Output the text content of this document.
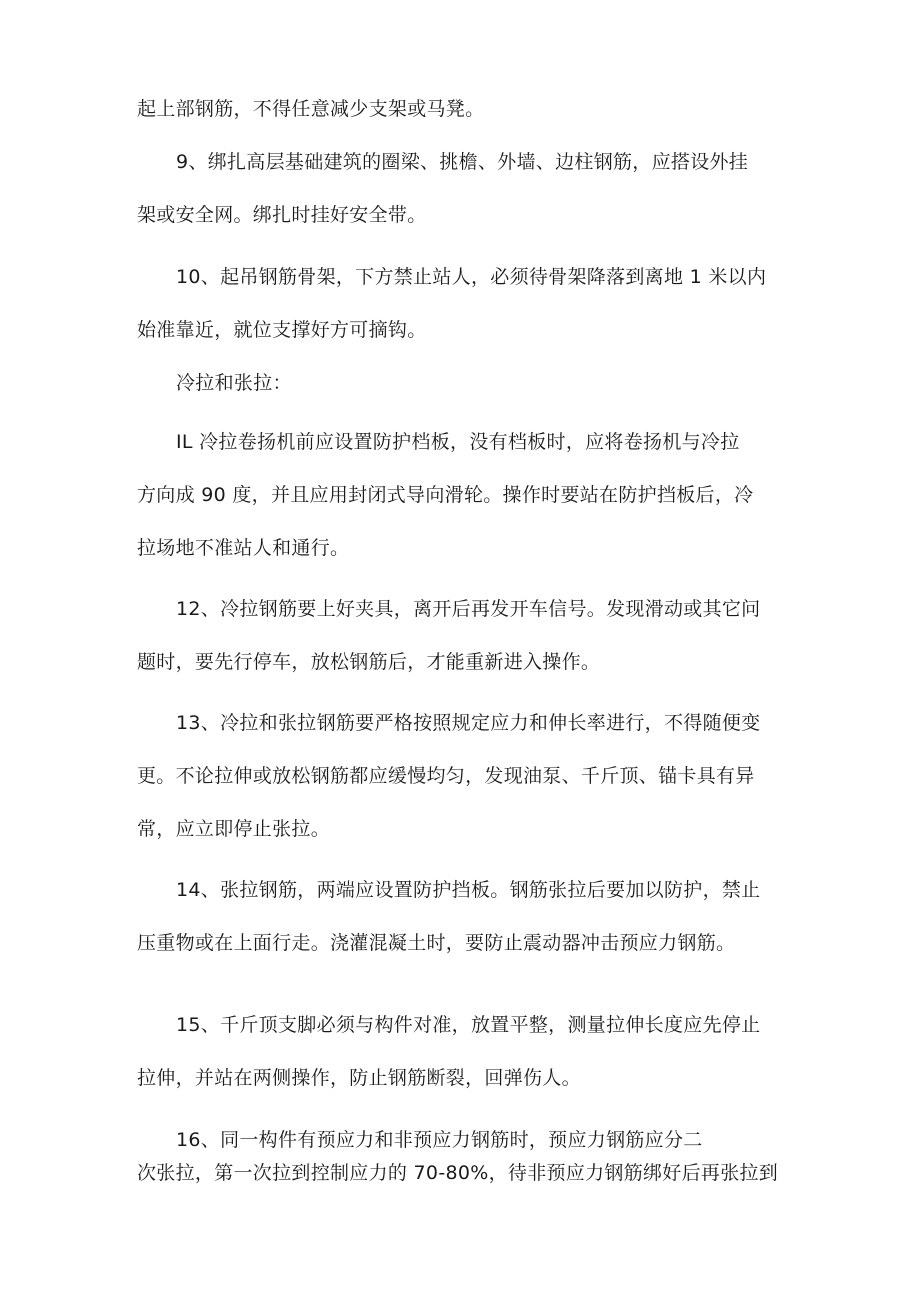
起上部钢筋，不得任意减少支架或马凳。
9、绑扎高层基础建筑的圈梁、挑檐、外墙、边柱钢筋，应搭设外挂
架或安全网。绑扎时挂好安全带。
10、起吊钢筋骨架，下方禁止站人，必须待骨架降落到离地 1 米以内
始准靠近，就位支撑好方可摘钩。
冷拉和张拉：
IL 冷拉卷扬机前应设置防护档板，没有档板时，应将卷扬机与冷拉
方向成 90 度，并且应用封闭式导向滑轮。操作时要站在防护挡板后，冷
拉场地不准站人和通行。
12、冷拉钢筋要上好夹具，离开后再发开车信号。发现滑动或其它问
题时，要先行停车，放松钢筋后，才能重新进入操作。
13、冷拉和张拉钢筋要严格按照规定应力和伸长率进行，不得随便变
更。不论拉伸或放松钢筋都应缓慢均匀，发现油泵、千斤顶、锚卡具有异
常，应立即停止张拉。
14、张拉钢筋，两端应设置防护挡板。钢筋张拉后要加以防护，禁止
压重物或在上面行走。浇灌混凝土时，要防止震动器冲击预应力钢筋。
15、千斤顶支脚必须与构件对准，放置平整，测量拉伸长度应先停止
拉伸，并站在两侧操作，防止钢筋断裂，回弹伤人。
16、同一构件有预应力和非预应力钢筋时，预应力钢筋应分二
次张拉，第一次拉到控制应力的 70-80%，待非预应力钢筋绑好后再张拉到
